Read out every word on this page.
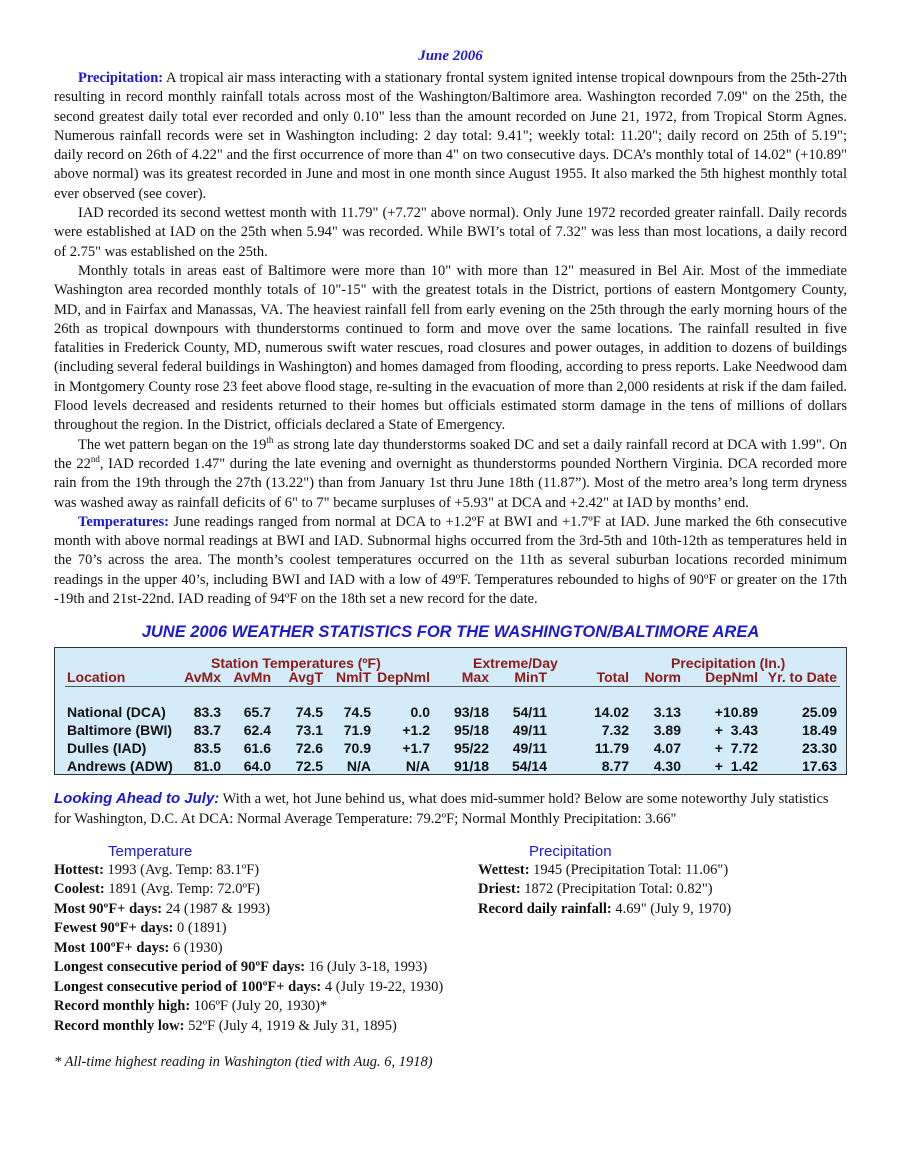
June 2006

Precipitation: A tropical air mass interacting with a stationary frontal system ignited intense tropical downpours from the 25th-27th resulting in record monthly rainfall totals across most of the Washington/Baltimore area. Washington recorded 7.09" on the 25th, the second greatest daily total ever recorded and only 0.10" less than the amount recorded on June 21, 1972, from Tropical Storm Agnes. Numerous rainfall records were set in Washington including: 2 day total: 9.41"; weekly total: 11.20"; daily record on 25th of 5.19"; daily record on 26th of 4.22" and the first occurrence of more than 4" on two consecutive days. DCA’s monthly total of 14.02" (+10.89" above normal) was its greatest recorded in June and most in one month since August 1955. It also marked the 5th highest monthly total ever observed (see cover).

IAD recorded its second wettest month with 11.79" (+7.72" above normal). Only June 1972 recorded greater rainfall. Daily records were established at IAD on the 25th when 5.94" was recorded. While BWI’s total of 7.32" was less than most locations, a daily record of 2.75" was established on the 25th.

Monthly totals in areas east of Baltimore were more than 10" with more than 12" measured in Bel Air. Most of the immediate Washington area recorded monthly totals of 10"-15" with the greatest totals in the District, portions of eastern Montgomery County, MD, and in Fairfax and Manassas, VA. The heaviest rainfall fell from early evening on the 25th through the early morning hours of the 26th as tropical downpours with thunderstorms continued to form and move over the same locations. The rainfall resulted in five fatalities in Frederick County, MD, numerous swift water rescues, road closures and power outages, in addition to dozens of buildings (including several federal buildings in Washington) and homes damaged from flooding, according to press reports. Lake Needwood dam in Montgomery County rose 23 feet above flood stage, re-sulting in the evacuation of more than 2,000 residents at risk if the dam failed. Flood levels decreased and residents returned to their homes but officials estimated storm damage in the tens of millions of dollars throughout the region. In the District, officials declared a State of Emergency.

The wet pattern began on the 19th as strong late day thunderstorms soaked DC and set a daily rainfall record at DCA with 1.99". On the 22nd, IAD recorded 1.47" during the late evening and overnight as thunderstorms pounded Northern Virginia. DCA recorded more rain from the 19th through the 27th (13.22") than from January 1st thru June 18th (11.87”). Most of the metro area’s long term dryness was washed away as rainfall deficits of 6" to 7" became surpluses of +5.93" at DCA and +2.42" at IAD by months’ end.

Temperatures: June readings ranged from normal at DCA to +1.2ºF at BWI and +1.7ºF at IAD. June marked the 6th consecutive month with above normal readings at BWI and IAD. Subnormal highs occurred from the 3rd-5th and 10th-12th as temperatures held in the 70’s across the area. The month’s coolest temperatures occurred on the 11th as several suburban locations recorded minimum readings in the upper 40’s, including BWI and IAD with a low of 49ºF. Temperatures rebounded to highs of 90ºF or greater on the 17th -19th and 21st-22nd. IAD reading of 94ºF on the 18th set a new record for the date.

JUNE 2006 WEATHER STATISTICS FOR THE WASHINGTON/BALTIMORE AREA
Station Temperatures (ºF)	Extreme/Day	Precipitation (In.)
Location	AvMx AvMn AvgT NmlT DepNml Max MinT	Total Norm DepNml Yr. to Date
National (DCA) 83.3 65.7 74.5 74.5	0.0 93/18 54/11	14.02 3.13 +10.89	25.09
Baltimore (BWI) 83.7 62.4 73.1 71.9 +1.2 95/18 49/11	7.32 3.89 +  3.43	18.49
Dulles (IAD)	83.5 61.6 72.6 70.9 +1.7 95/22 49/11	11.79 4.07 +  7.72	23.30
Andrews (ADW) 81.0 64.0 72.5 N/A N/A 91/18 54/14	8.77 4.30 +  1.42	17.63

Looking Ahead to July: With a wet, hot June behind us, what does mid-summer hold? Below are some noteworthy July statistics for Washington, D.C. At DCA: Normal Average Temperature: 79.2ºF; Normal Monthly Precipitation: 3.66"

Temperature	Precipitation
Hottest: 1993 (Avg. Temp: 83.1ºF)
Coolest: 1891 (Avg. Temp: 72.0ºF)
Most 90ºF+ days: 24 (1987 & 1993)
Fewest 90ºF+ days: 0 (1891)
Most 100ºF+ days: 6 (1930)
Longest consecutive period of 90ºF days: 16 (July 3-18, 1993)
Longest consecutive period of 100ºF+ days: 4 (July 19-22, 1930)
Record monthly high: 106ºF (July 20, 1930)*
Record monthly low: 52ºF (July 4, 1919 & July 31, 1895)
Wettest: 1945 (Precipitation Total: 11.06")
Driest: 1872 (Precipitation Total: 0.82")
Record daily rainfall: 4.69" (July 9, 1970)
* All-time highest reading in Washington (tied with Aug. 6, 1918)
